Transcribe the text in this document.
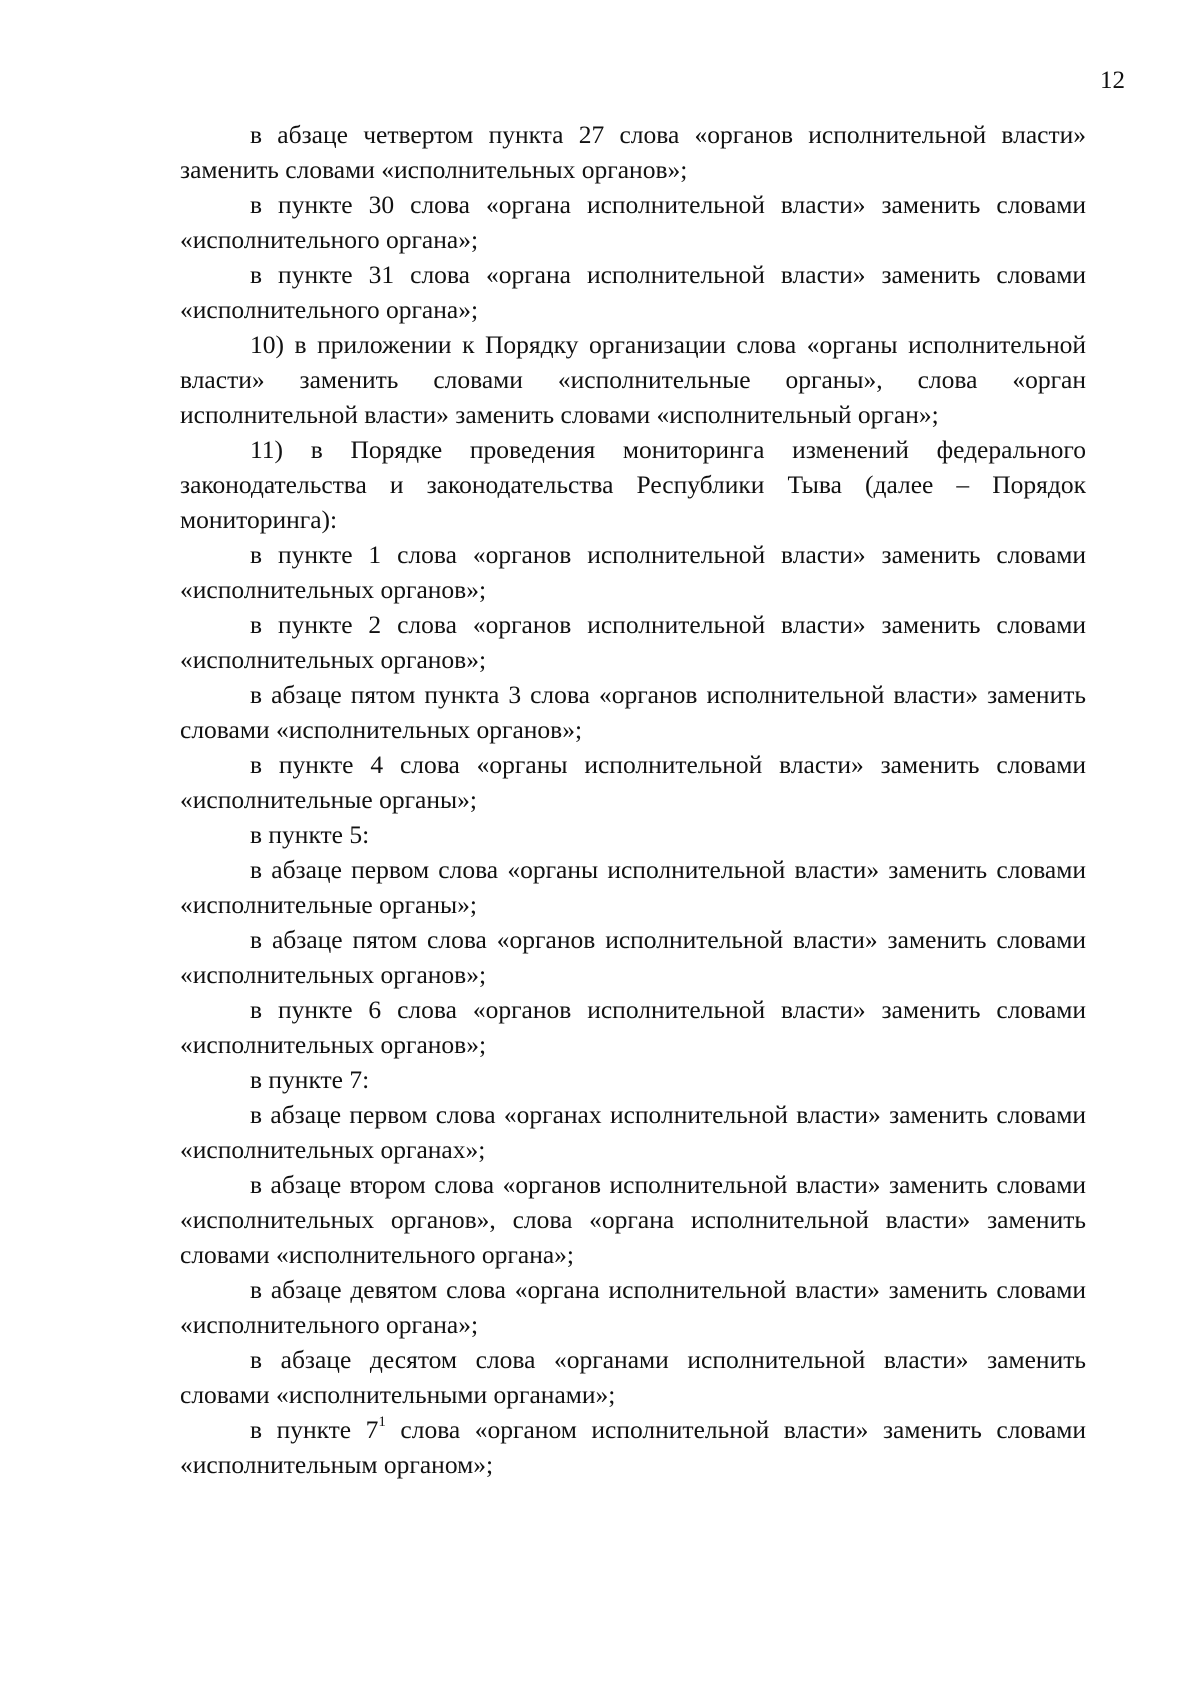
12

в абзаце четвертом пункта 27 слова «органов исполнительной власти» заменить словами «исполнительных органов»;

в пункте 30 слова «органа исполнительной власти» заменить словами «исполнительного органа»;

в пункте 31 слова «органа исполнительной власти» заменить словами «исполнительного органа»;

10) в приложении к Порядку организации слова «органы исполнительной власти» заменить словами «исполнительные органы», слова «орган исполнительной власти» заменить словами «исполнительный орган»;

11) в Порядке проведения мониторинга изменений федерального законодательства и законодательства Республики Тыва (далее – Порядок мониторинга):

в пункте 1 слова «органов исполнительной власти» заменить словами «исполнительных органов»;

в пункте 2 слова «органов исполнительной власти» заменить словами «исполнительных органов»;

в абзаце пятом пункта 3 слова «органов исполнительной власти» заменить словами «исполнительных органов»;

в пункте 4 слова «органы исполнительной власти» заменить словами «исполнительные органы»;

в пункте 5:

в абзаце первом слова «органы исполнительной власти» заменить словами «исполнительные органы»;

в абзаце пятом слова «органов исполнительной власти» заменить словами «исполнительных органов»;

в пункте 6 слова «органов исполнительной власти» заменить словами «исполнительных органов»;

в пункте 7:

в абзаце первом слова «органах исполнительной власти» заменить словами «исполнительных органах»;

в абзаце втором слова «органов исполнительной власти» заменить словами «исполнительных органов», слова «органа исполнительной власти» заменить словами «исполнительного органа»;

в абзаце девятом слова «органа исполнительной власти» заменить словами «исполнительного органа»;

в абзаце десятом слова «органами исполнительной власти» заменить словами «исполнительными органами»;

в пункте $7^1$ слова «органом исполнительной власти» заменить словами «исполнительным органом»;
